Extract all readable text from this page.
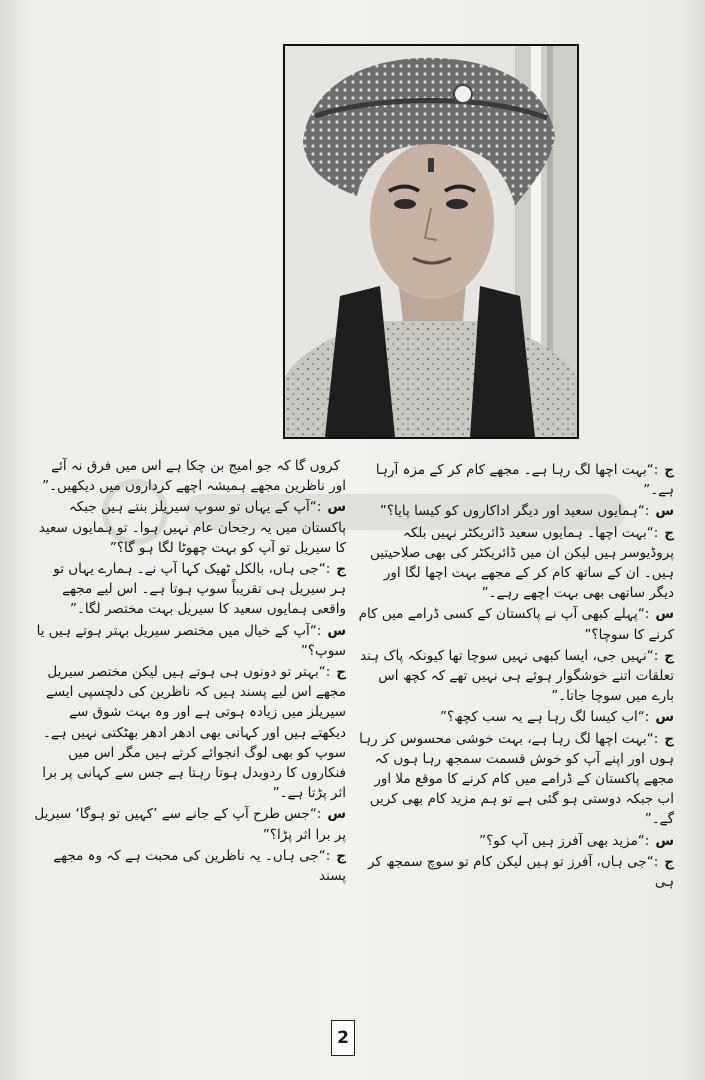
ج:“بہت اچھا لگ رہا ہے۔ مجھے کام کر کے مزہ آرہا ہے۔”
س:“ہمایوں سعید اور دیگر اداکاروں کو کیسا پایا؟”
ج:“بہت اچھا۔ ہمایوں سعید ڈائریکٹر نہیں بلکہ پروڈیوسر ہیں لیکن ان میں ڈائریکٹر کی بھی صلاحیتیں ہیں۔ ان کے ساتھ کام کر کے مجھے بہت اچھا لگا اور دیگر ساتھی بھی بہت اچھے رہے۔”
س:“پہلے کبھی آپ نے پاکستان کے کسی ڈرامے میں کام کرنے کا سوچا؟”
ج:“نہیں جی، ایسا کبھی نہیں سوچا تھا کیونکہ پاک ہند تعلقات اتنے خوشگوار ہوئے ہی نہیں تھے کہ کچھ اس بارے میں سوچا جاتا۔”
س:“اب کیسا لگ رہا ہے یہ سب کچھ؟”
ج:“بہت اچھا لگ رہا ہے، بہت خوشی محسوس کر رہا ہوں اور اپنے آپ کو خوش قسمت سمجھ رہا ہوں کہ مجھے پاکستان کے ڈرامے میں کام کرنے کا موقع ملا اور اب جبکہ دوستی ہو گئی ہے تو ہم مزید کام بھی کریں گے۔”
س:“مزید بھی آفرز ہیں آپ کو؟”
ج:“جی ہاں، آفرز تو ہیں لیکن کام تو سوچ سمجھ کر ہی
کروں گا کہ جو امیج بن چکا ہے اس میں فرق نہ آئے اور ناظرین مجھے ہمیشہ اچھے کرداروں میں دیکھیں۔”
س:“آپ کے یہاں تو سوپ سیریلز بنتے ہیں جبکہ پاکستان میں یہ رجحان عام نہیں ہوا۔ تو ہمایوں سعید کا سیریل تو آپ کو بہت چھوٹا لگا ہو گا؟”
ج:“جی ہاں، بالکل ٹھیک کہا آپ نے۔ ہمارے یہاں تو ہر سیریل ہی تقریباً سوپ ہوتا ہے۔ اس لیے مجھے واقعی ہمایوں سعید کا سیریل بہت مختصر لگا۔”
س:“آپ کے خیال میں مختصر سیریل بہتر ہوتے ہیں یا سوپ؟”
ج:“بہتر تو دونوں ہی ہوتے ہیں لیکن مختصر سیریل مجھے اس لیے پسند ہیں کہ ناظرین کی دلچسپی ایسے سیریلز میں زیادہ ہوتی ہے اور وہ بہت شوق سے دیکھتے ہیں اور کہانی بھی ادھر ادھر بھٹکتی نہیں ہے۔ سوپ کو بھی لوگ انجوائے کرتے ہیں مگر اس میں فنکاروں کا ردوبدل ہوتا رہتا ہے جس سے کہانی پر برا اثر پڑتا ہے۔”
س:“جس طرح آپ کے جانے سے ’کہیں تو ہوگا‘ سیریل پر برا اثر پڑا؟”
ج:“جی ہاں۔ یہ ناظرین کی محبت ہے کہ وہ مجھے پسند
2
